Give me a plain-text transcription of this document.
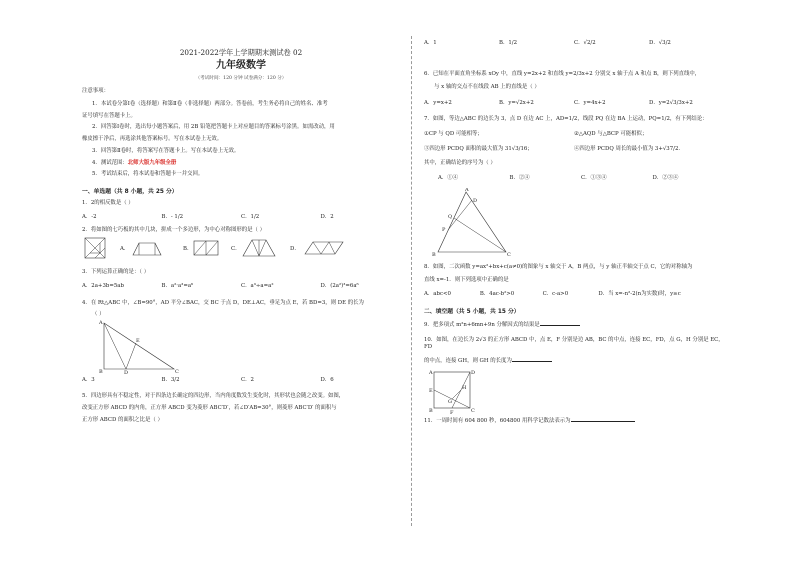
2021-2022学年上学期期末测试卷 02
九年级数学
（考试时间：120 分钟 试卷满分：120 分）

注意事项：

1．本试卷分第Ⅰ卷（选择题）和第Ⅱ卷（非选择题）两部分。答卷前，考生务必将自己的姓名、准考

证号填写在答题卡上。

2．回答第Ⅰ卷时，选出每小题答案后，用 2B 铅笔把答题卡上对应题目的答案标号涂黑。如需改动，用

橡皮擦干净后，再选涂其他答案标号。写在本试卷上无效。

3．回答第Ⅱ卷时，将答案写在答题卡上。写在本试卷上无效。

4．测试范围：北师大版九年级全册

5．考试结束后，将本试卷和答题卡一并交回。

一、单选题（共 8 小题，共 25 分）

1．2的相反数是（ ）

A．-2	B．- 1/2	C．1/2	D．2

2．将如图的七巧板的其中几块，拼成一个多边形，为中心对称图形的是（ ）

A．	B．	C．	D．

3．下列运算正确的是：（ ）

A．2a+3b=5ab	B．a²·a³=a⁶	C．a³÷a=a²	D．(2a²)³=6a⁶

4．在 Rt△ABC 中，∠B=90°，AD 平分∠BAC，交 BC 于点 D，DE⊥AC，垂足为点 E，若 BD=3，则 DE 的长为

（ ）

A
B	D
E
C
A．3	B．3/2	C．2	D．6

5．四边形具有不稳定性，对于四条边长确定的四边形，当内角度数发生变化时，其形状也会随之改变。如图，

改变正方形 ABCD 的内角，正方形 ABCD 变为菱形 ABC′D′，若∠D′AB=30°，则菱形 ABC′D′ 的面积与

正方形 ABCD 的面积之比是（ ）

A．1	B．1/2	C．√2/2	D．√3/2

6．已知在平面直角坐标系 xOy 中，直线 y=2x+2 和直线 y=2/3x+2 分别交 x 轴于点 A 和点 B，则下列直线中，

与 x 轴的交点不在线段 AB 上的直线是（ ）

A．y=x+2	B．y=√2x+2	C．y=4x+2	D．y=2√3/3x+2

7．如图，等边△ABC 的边长为 3，点 D 在边 AC 上，AD=1/2，线段 PQ 在边 BA 上运动，PQ=1/2，有下列结论：

①CP 与 QD 可能相等；	②△AQD 与△BCP 可能相似；
③四边形 PCDQ 面积的最大值为 31√3/16；	④四边形 PCDQ 周长的最小值为 3+√37/2．

其中，正确结论的序号为（ ）

A．①④	B．②④	C．①③④	D．②③④
A
D
Q
P
B	C

8．如图，二次函数 y=ax²+bx+c(a≠0)的图象与 x 轴交于 A，B 两点，与 y 轴正半轴交于点 C，它的对称轴为

直线 x=-1．则下列选项中正确的是

A．abc<0	B．4ac-b²>0	C．c-a>0	D．当 x=-n²-2(n为实数)时，y≥c

二、填空题（共 5 小题，共 15 分）

9．把多项式 m²n+6mn+9n 分解因式的结果是

10．如图，在边长为 2√3 的正方形 ABCD 中，点 E，F 分别是边 AB，BC 的中点，连接 EC，FD，点 G，H 分别是 EC，FD

的中点，连接 GH，则 GH 的长度为

A	D
E	H
G
B	F	C

11．一周时间有 604 800 秒，604800 用科学记数法表示为
